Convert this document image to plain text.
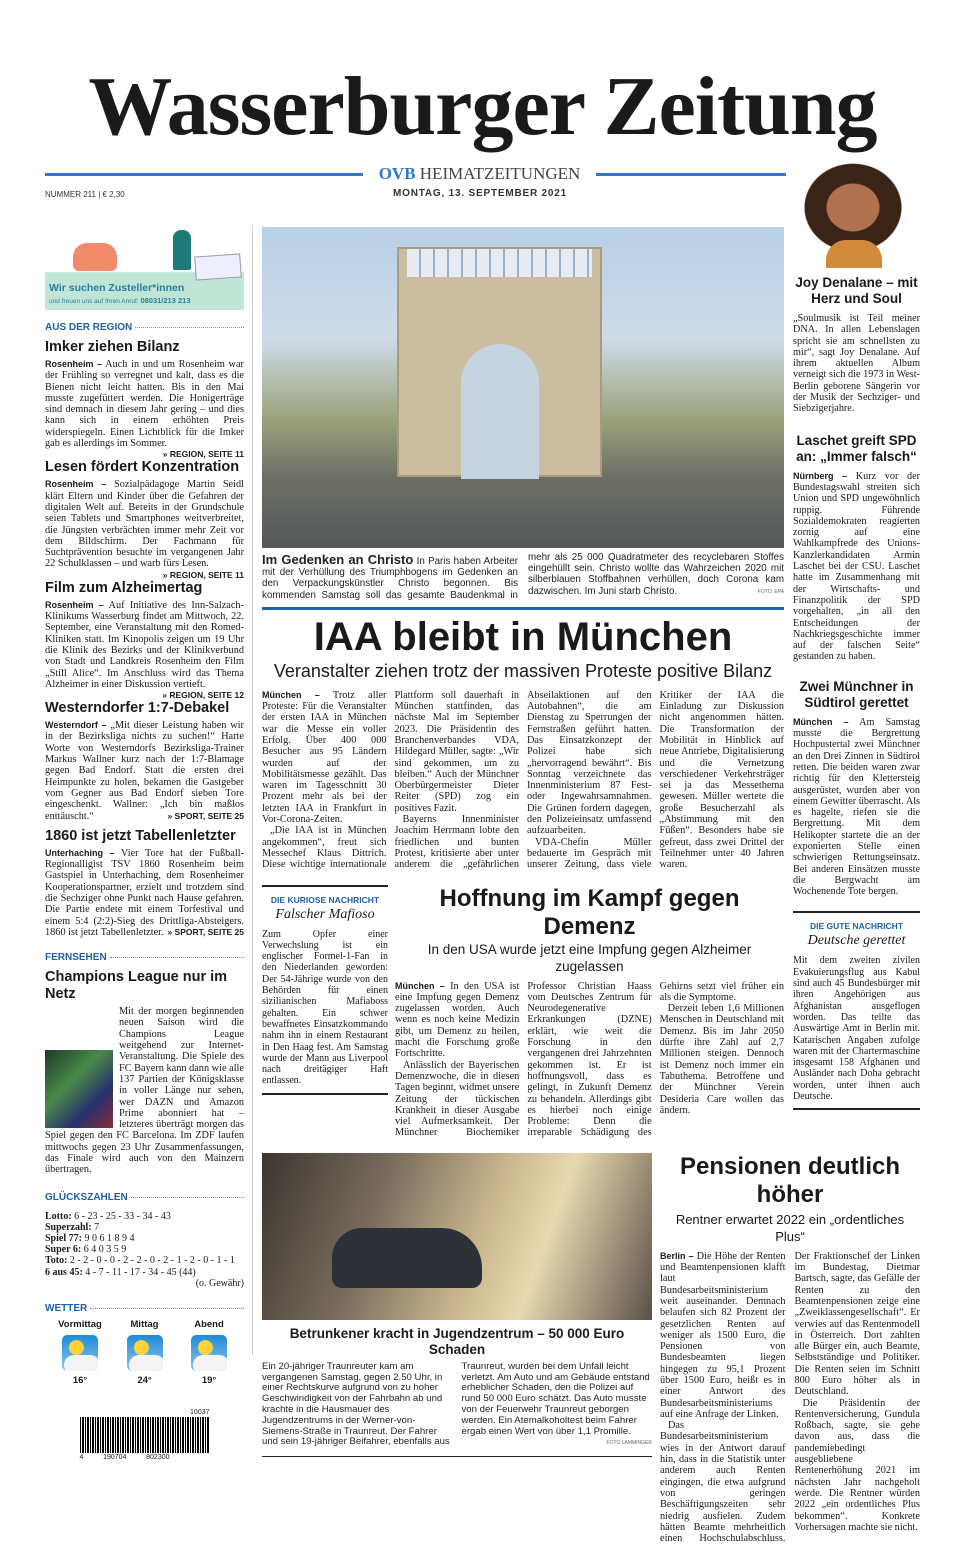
Wasserburger Zeitung
OVB HEIMATZEITUNGEN
MONTAG, 13. SEPTEMBER 2021
NUMMER 211 | € 2,30
Wir suchen Zusteller*innen
und freuen uns auf Ihren Anruf: 08031/213 213
AUS DER REGION
Imker ziehen Bilanz
Rosenheim – Auch in und um Rosenheim war der Frühling so verregnet und kalt, dass es die Bienen nicht leicht hatten. Bis in den Mai musste zugefüttert werden. Die Honigerträge sind demnach in diesem Jahr gering – und dies kann sich in einem erhöhten Preis widerspiegeln. Einen Lichtblick für die Imker gab es allerdings im Sommer.
» REGION, SEITE 11
Lesen fördert Konzentration
Rosenheim – Sozialpädagoge Martin Seidl klärt Eltern und Kinder über die Gefahren der digitalen Welt auf. Bereits in der Grundschule seien Tablets und Smartphones weitverbreitet, die Jüngsten verbrächten immer mehr Zeit vor dem Bildschirm. Der Fachmann für Suchtprävention besuchte im vergangenen Jahr 22 Schulklassen – und warb fürs Lesen.
» REGION, SEITE 11
Film zum Alzheimertag
Rosenheim – Auf Initiative des Inn-Salzach-Klinikums Wasserburg findet am Mittwoch, 22. September, eine Veranstaltung mit den Romed-Kliniken statt. Im Kinopolis zeigen um 19 Uhr die Klinik des Bezirks und der Klinikverbund von Stadt und Landkreis Rosenheim den Film „Still Alice“. Im Anschluss wird das Thema Alzheimer in einer Diskussion vertieft.
» REGION, SEITE 12
Westerndorfer 1:7-Debakel
Westerndorf – „Mit dieser Leistung haben wir in der Bezirksliga nichts zu suchen!“ Harte Worte von Westerndorfs Bezirksliga-Trainer Markus Wallner kurz nach der 1:7-Blamage gegen Bad Endorf. Statt die ersten drei Heimpunkte zu holen, bekamen die Gastgeber vom Gegner aus Bad Endorf sieben Tore eingeschenkt. Wallner: „Ich bin maßlos enttäuscht.“	» SPORT, SEITE 25
1860 ist jetzt Tabellenletzter
Unterhaching – Vier Tore hat der Fußball-Regionalligist TSV 1860 Rosenheim beim Gastspiel in Unterhaching, dem Rosenheimer Kooperationspartner, erzielt und trotzdem sind die Sechziger ohne Punkt nach Hause gefahren. Die Partie endete mit einem Torfestival und einem 5:4 (2:2)-Sieg des Drittliga-Absteigers. 1860 ist jetzt Tabellenletzter. » SPORT, SEITE 25
FERNSEHEN
Champions League nur im Netz
Mit der morgen beginnenden neuen Saison wird die Champions League weitgehend zur Internet-Veranstaltung. Die Spiele des FC Bayern kann dann wie alle 137 Partien der Königsklasse in voller Länge nur sehen, wer DAZN und Amazon Prime abonniert hat – letzteres überträgt morgen das Spiel gegen den FC Barcelona. Im ZDF laufen mittwochs gegen 23 Uhr Zusammenfassungen, das Finale wird auch von den Mainzern übertragen.
GLÜCKSZAHLEN
Lotto: 6 - 23 - 25 - 33 - 34 - 43
Superzahl: 7
Spiel 77: 9 0 6 1 8 9 4
Super 6: 6 4 0 3 5 9
Toto: 2 - 2 - 0 - 0 - 2 - 2 - 0 - 2 - 1 - 2 - 0 - 1 - 1
6 aus 45: 4 - 7 - 11 - 17 - 34 - 45 (44)
(o. Gewähr)
WETTER
Vormittag
16°
Mittag
24°
Abend
19°
10037
4	190704	802300
Im Gedenken an Christo In Paris haben Arbeiter mit der Verhüllung des Triumphbogens im Gedenken an den Verpackungskünstler Christo begonnen. Bis kommenden Samstag soll das gesamte Baudenkmal in mehr als 25 000 Quadratmeter des recyclebaren Stoffes eingehüllt sein. Christo wollte das Wahrzeichen 2020 mit silberblauen Stoffbahnen verhüllen, doch Corona kam dazwischen. Im Juni starb Christo.	FOTO: EPA
IAA bleibt in München
Veranstalter ziehen trotz der massiven Proteste positive Bilanz

München – Trotz aller Proteste: Für die Veranstalter der ersten IAA in München war die Messe ein voller Erfolg. Über 400 000 Besucher aus 95 Ländern wurden auf der Mobilitätsmesse gezählt. Das waren im Tagesschnitt 30 Prozent mehr als bei der letzten IAA in Frankfurt in Vor-Corona-Zeiten.

„Die IAA ist in München angekommen“, freut sich Messechef Klaus Dittrich. Diese wichtige internationale Plattform soll dauerhaft in München stattfinden, das nächste Mal im September 2023. Die Präsidentin des Branchenverbandes VDA, Hildegard Müller, sagte: „Wir sind gekommen, um zu bleiben.“ Auch der Münchner Oberbürgermeister Dieter Reiter (SPD) zog ein positives Fazit.

Bayerns Innenminister Joachim Herrmann lobte den friedlichen und bunten Protest, kritisierte aber unter anderem die „gefährlichen Abseilaktionen auf den Autobahnen“, die am Dienstag zu Sperrungen der Fernstraßen geführt hatten. Das Einsatzkonzept der Polizei habe sich „hervorragend bewährt“. Bis Sonntag verzeichnete das Innenministerium 87 Fest- oder Ingewahrsamnahmen. Die Grünen fordern dagegen, den Polizeieinsatz umfassend aufzuarbeiten.

VDA-Chefin Müller bedauerte im Gespräch mit unserer Zeitung, dass viele Kritiker der IAA die Einladung zur Diskussion nicht angenommen hätten. Die Transformation der Mobilität in Hinblick auf neue Antriebe, Digitalisierung und die Vernetzung verschiedener Verkehrsträger sei ja das Messethema gewesen. Müller wertete die große Besucherzahl als „Abstimmung mit den Füßen“. Besonders habe sie gefreut, dass zwei Drittel der Teilnehmer unter 40 Jahren waren.

DIE KURIOSE NACHRICHT
Falscher Mafioso
Zum Opfer einer Verwechslung ist ein englischer Formel-1-Fan in den Niederlanden geworden: Der 54-Jährige wurde von den Behörden für einen sizilianischen Mafiaboss gehalten. Ein schwer bewaffnetes Einsatzkommando nahm ihn in einem Restaurant in Den Haag fest. Am Samstag wurde der Mann aus Liverpool nach dreitägiger Haft entlassen.
Hoffnung im Kampf gegen Demenz
In den USA wurde jetzt eine Impfung gegen Alzheimer zugelassen

München – In den USA ist eine Impfung gegen Demenz zugelassen worden. Auch wenn es noch keine Medizin gibt, um Demenz zu heilen, macht die Forschung große Fortschritte.

Anlässlich der Bayerischen Demenzwoche, die in diesen Tagen beginnt, widmet unsere Zeitung der tückischen Krankheit in dieser Ausgabe viel Aufmerksamkeit. Der Münchner Biochemiker Professor Christian Haass vom Deutsches Zentrum für Neurodegenerative Erkrankungen (DZNE) erklärt, wie weit die Forschung in den vergangenen drei Jahrzehnten gekommen ist. Er ist hoffnungsvoll, dass es gelingt, in Zukunft Demenz zu behandeln. Allerdings gibt es hierbei noch einige Probleme: Denn die irreparable Schädigung des Gehirns setzt viel früher ein als die Symptome.

Derzeit leben 1,6 Millionen Menschen in Deutschland mit Demenz. Bis im Jahr 2050 dürfte ihre Zahl auf 2,7 Millionen steigen. Dennoch ist Demenz noch immer ein Tabuthema. Betroffene und der Münchner Verein Desideria Care wollen das ändern.

Joy Denalane – mit Herz und Soul
„Soulmusik ist Teil meiner DNA. In allen Lebenslagen spricht sie am schnellsten zu mir“, sagt Joy Denalane. Auf ihrem aktuellen Album verneigt sich die 1973 in West-Berlin geborene Sängerin vor der Musik der Sechziger- und Siebzigerjahre.
Laschet greift SPD an: „Immer falsch“
Nürnberg – Kurz vor der Bundestagswahl streiten sich Union und SPD ungewöhnlich ruppig. Führende Sozialdemokraten reagierten zornig auf eine Wahlkampfrede des Unions-Kanzlerkandidaten Armin Laschet bei der CSU. Laschet hatte im Zusammenhang mit der Wirtschafts- und Finanzpolitik der SPD vorgehalten, „in all den Entscheidungen der Nachkriegsgeschichte immer auf der falschen Seite“ gestanden zu haben.
Zwei Münchner in Südtirol gerettet
München – Am Samstag musste die Bergrettung Hochpustertal zwei Münchner an den Drei Zinnen in Südtirol retten. Die beiden waren zwar richtig für den Klettersteig ausgerüstet, wurden aber von einem Gewitter überrascht. Als es hagelte, riefen sie die Bergrettung. Mit dem Helikopter startete die an der exponierten Stelle einen schwierigen Rettungseinsatz. Bei anderen Einsätzen musste die Bergwacht am Wochenende Tote bergen.
DIE GUTE NACHRICHT
Deutsche gerettet
Mit dem zweiten zivilen Evakuierungsflug aus Kabul sind auch 45 Bundesbürger mit ihren Angehörigen aus Afghanistan ausgeflogen worden. Das teilte das Auswärtige Amt in Berlin mit. Katarischen Angaben zufolge waren mit der Chartermaschine insgesamt 158 Afghanen und Ausländer nach Doha gebracht worden, unter ihnen auch Deutsche.
Betrunkener kracht in Jugendzentrum – 50 000 Euro Schaden
Ein 20-jähriger Traunreuter kam am vergangenen Samstag, gegen 2.50 Uhr, in einer Rechtskurve aufgrund von zu hoher Geschwindigkeit von der Fahrbahn ab und krachte in die Hausmauer des Jugendzentrums in der Werner-von- Siemens-Straße in Traunreut. Der Fahrer und sein 19-jähriger Beifahrer, ebenfalls aus Traunreut, wurden bei dem Unfall leicht verletzt. Am Auto und am Gebäude entstand erheblicher Schaden, den die Polizei auf rund 50 000 Euro schätzt. Das Auto musste von der Feuerwehr Traunreut geborgen werden. Ein Atemalkoholtest beim Fahrer ergab einen Wert von über 1,1 Promille.
FOTO LAMMINGER
Pensionen deutlich höher
Rentner erwartet 2022 ein „ordentliches Plus“

Berlin – Die Höhe der Renten und Beamtenpensionen klafft laut Bundesarbeitsministerium weit auseinander. Demnach belaufen sich 82 Prozent der gesetzlichen Renten auf weniger als 1500 Euro, die Pensionen von Bundesbeamten liegen hingegen zu 95,1 Prozent über 1500 Euro, heißt es in einer Antwort des Bundesarbeitsministeriums auf eine Anfrage der Linken.

Das Bundesarbeitsministerium wies in der Antwort darauf hin, dass in die Statistik unter anderem auch Renten eingingen, die etwa aufgrund von geringen Beschäftigungszeiten sehr niedrig ausfielen. Zudem hätten Beamte mehrheitlich einen Hochschulabschluss. Der Fraktionschef der Linken im Bundestag, Dietmar Bartsch, sagte, das Gefälle der Renten zu den Beamtenpensionen zeige eine „Zweiklassengesellschaft“. Er verwies auf das Rentenmodell in Österreich. Dort zahlten alle Bürger ein, auch Beamte, Selbstständige und Politiker. Die Renten seien im Schnitt 800 Euro höher als in Deutschland.

Die Präsidentin der Rentenversicherung, Gundula Roßbach, sagte, sie gehe davon aus, dass die pandemiebedingt ausgebliebene Rentenerhöhung 2021 im nächsten Jahr nachgeholt werde. Die Rentner würden 2022 „ein ordentliches Plus bekommen“. Konkrete Vorhersagen machte sie nicht.
